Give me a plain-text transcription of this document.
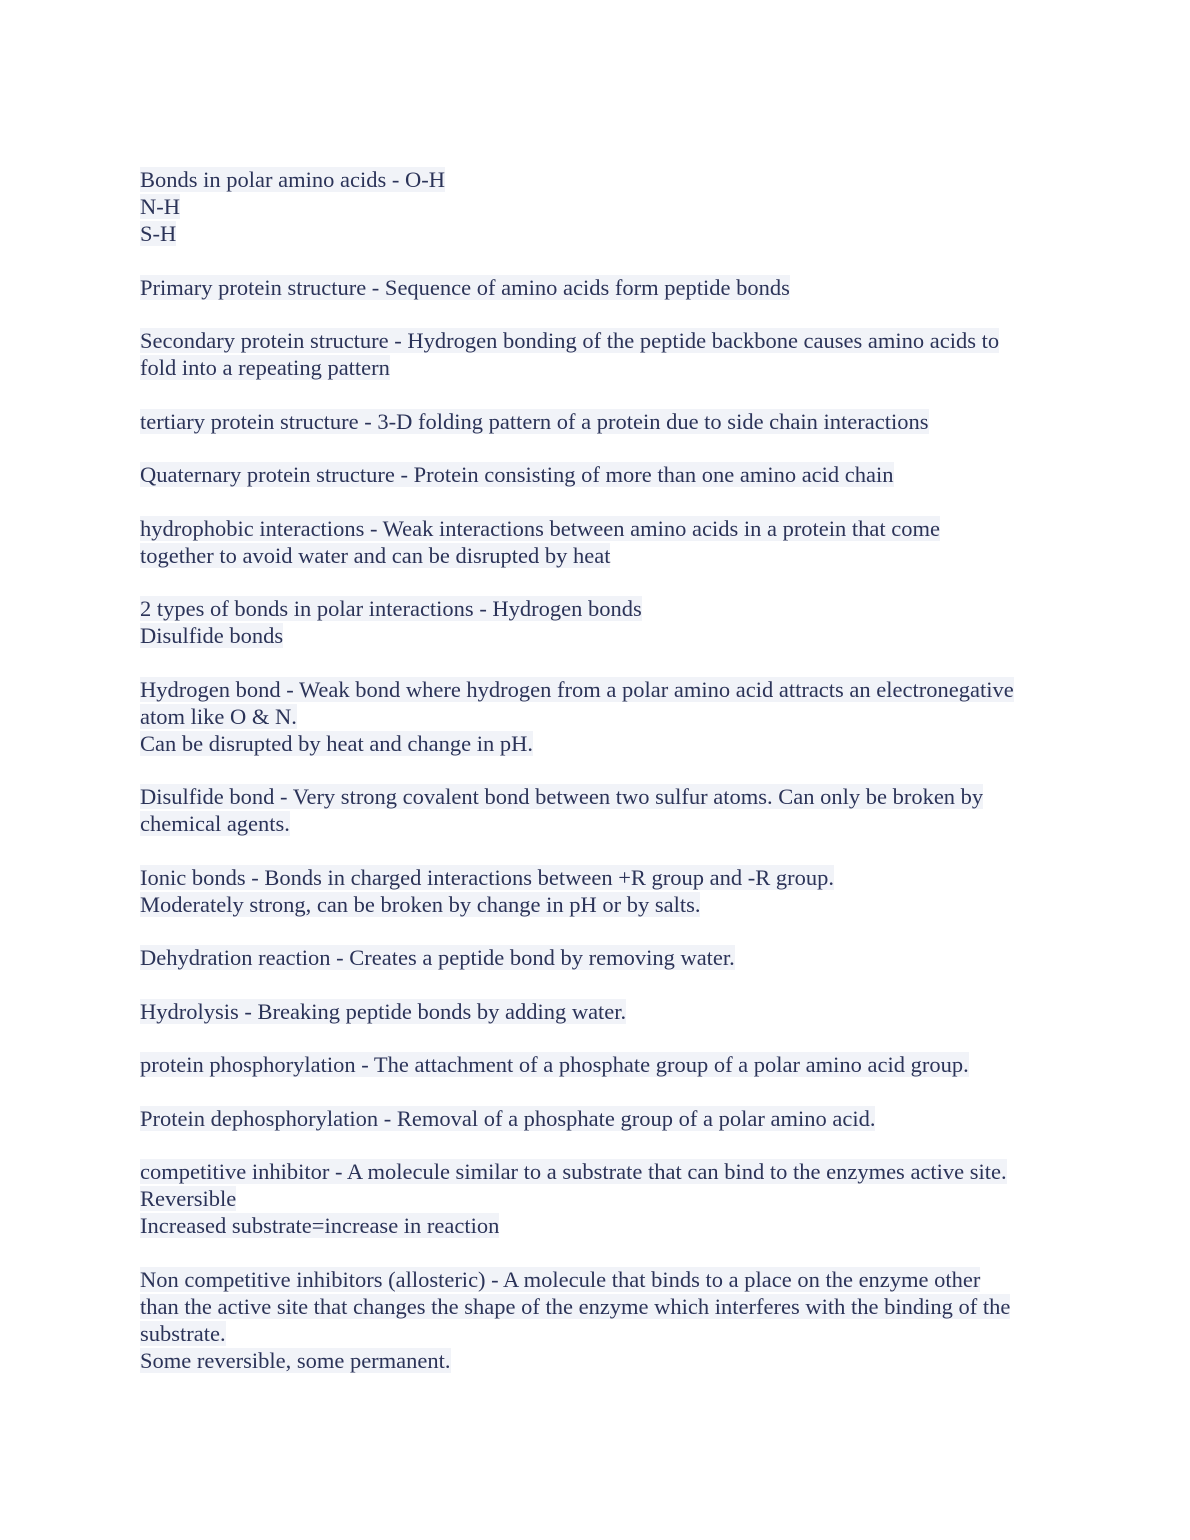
Bonds in polar amino acids - O-H
N-H
S-H
Primary protein structure - Sequence of amino acids form peptide bonds
Secondary protein structure - Hydrogen bonding of the peptide backbone causes amino acids to
fold into a repeating pattern
tertiary protein structure - 3-D folding pattern of a protein due to side chain interactions
Quaternary protein structure - Protein consisting of more than one amino acid chain
hydrophobic interactions - Weak interactions between amino acids in a protein that come
together to avoid water and can be disrupted by heat
2 types of bonds in polar interactions - Hydrogen bonds
Disulfide bonds
Hydrogen bond - Weak bond where hydrogen from a polar amino acid attracts an electronegative
atom like O & N.
Can be disrupted by heat and change in pH.
Disulfide bond - Very strong covalent bond between two sulfur atoms. Can only be broken by
chemical agents.
Ionic bonds - Bonds in charged interactions between +R group and -R group.
Moderately strong, can be broken by change in pH or by salts.
Dehydration reaction - Creates a peptide bond by removing water.
Hydrolysis - Breaking peptide bonds by adding water.
protein phosphorylation - The attachment of a phosphate group of a polar amino acid group.
Protein dephosphorylation - Removal of a phosphate group of a polar amino acid.
competitive inhibitor - A molecule similar to a substrate that can bind to the enzymes active site.
Reversible
Increased substrate=increase in reaction
Non competitive inhibitors (allosteric) - A molecule that binds to a place on the enzyme other
than the active site that changes the shape of the enzyme which interferes with the binding of the
substrate.
Some reversible, some permanent.
